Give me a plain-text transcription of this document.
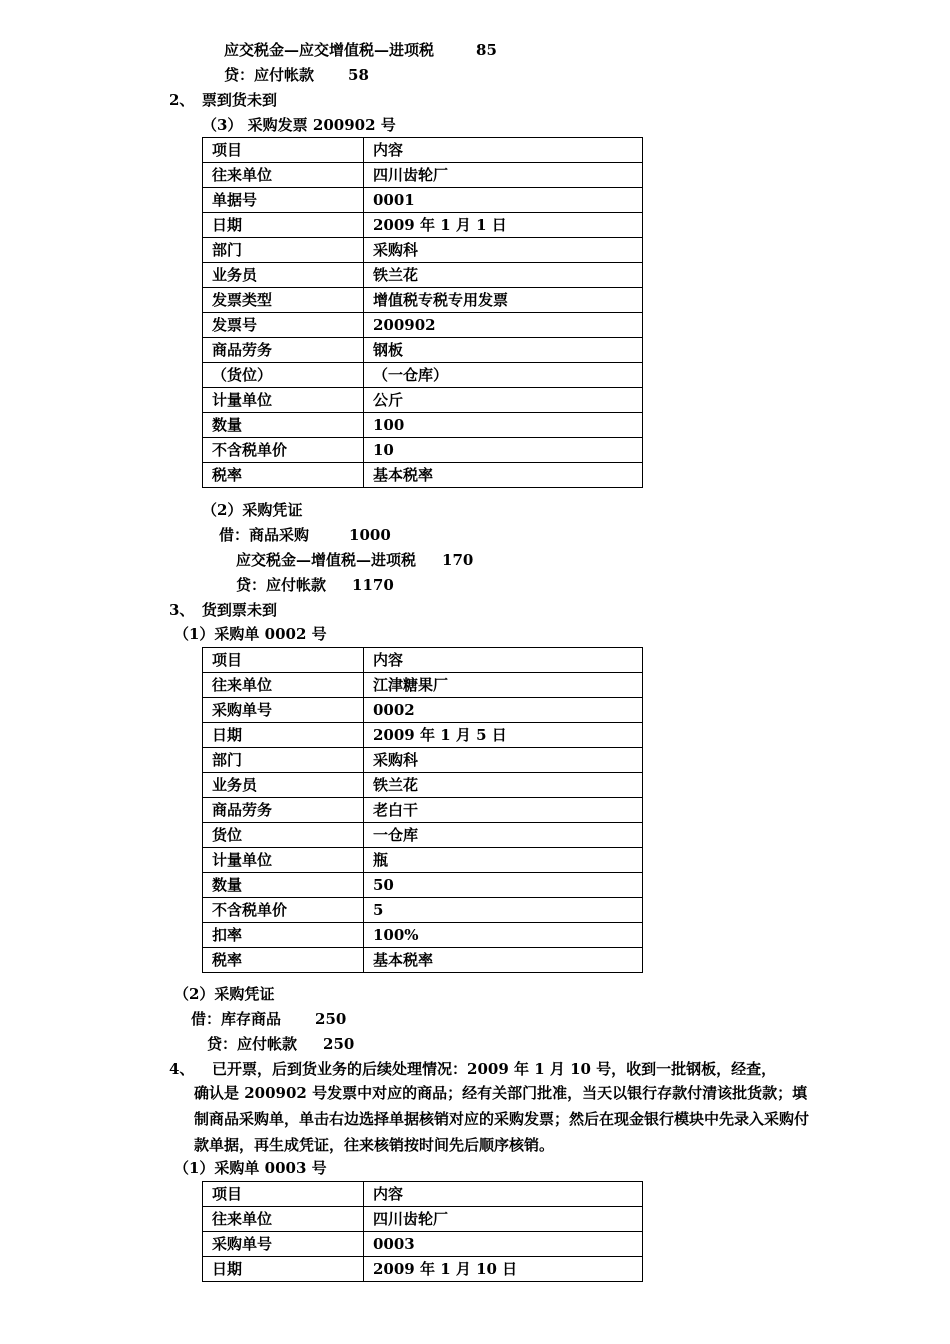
应交税金—应交增值税—进项税	85
贷：应付帐款 58
2、　票到货未到
（3） 采购发票 200902 号
项目	内容
往来单位	四川齿轮厂
单据号	0001
日期	2009 年 1 月 1 日
部门	采购科
业务员	铁兰花
发票类型	增值税专税专用发票
发票号	200902
商品劳务	钢板
（货位）	（一仓库）
计量单位	公斤
数量	100
不含税单价	10
税率	基本税率
（2）采购凭证
借：商品采购	1000
应交税金—增值税—进项税 170
贷：应付帐款 1170
3、　货到票未到
（1）采购单 0002 号
项目	内容
往来单位	江津糖果厂
采购单号	0002
日期	2009 年 1 月 5 日
部门	采购科
业务员	铁兰花
商品劳务	老白干
货位	一仓库
计量单位	瓶
数量	50
不含税单价	5
扣率	100%
税率	基本税率
（2）采购凭证
借：库存商品 250
贷：应付帐款 250
4、 已开票，后到货业务的后续处理情况：2009 年 1 月 10 号，收到一批钢板，经查，
确认是 200902 号发票中对应的商品；经有关部门批准，当天以银行存款付清该批货款；填制商品采购单，单击右边选择单据核销对应的采购发票；然后在现金银行模块中先录入采购付款单据，再生成凭证，往来核销按时间先后顺序核销。
（1）采购单 0003 号
项目	内容
往来单位	四川齿轮厂
采购单号	0003
日期	2009 年 1 月 10 日
